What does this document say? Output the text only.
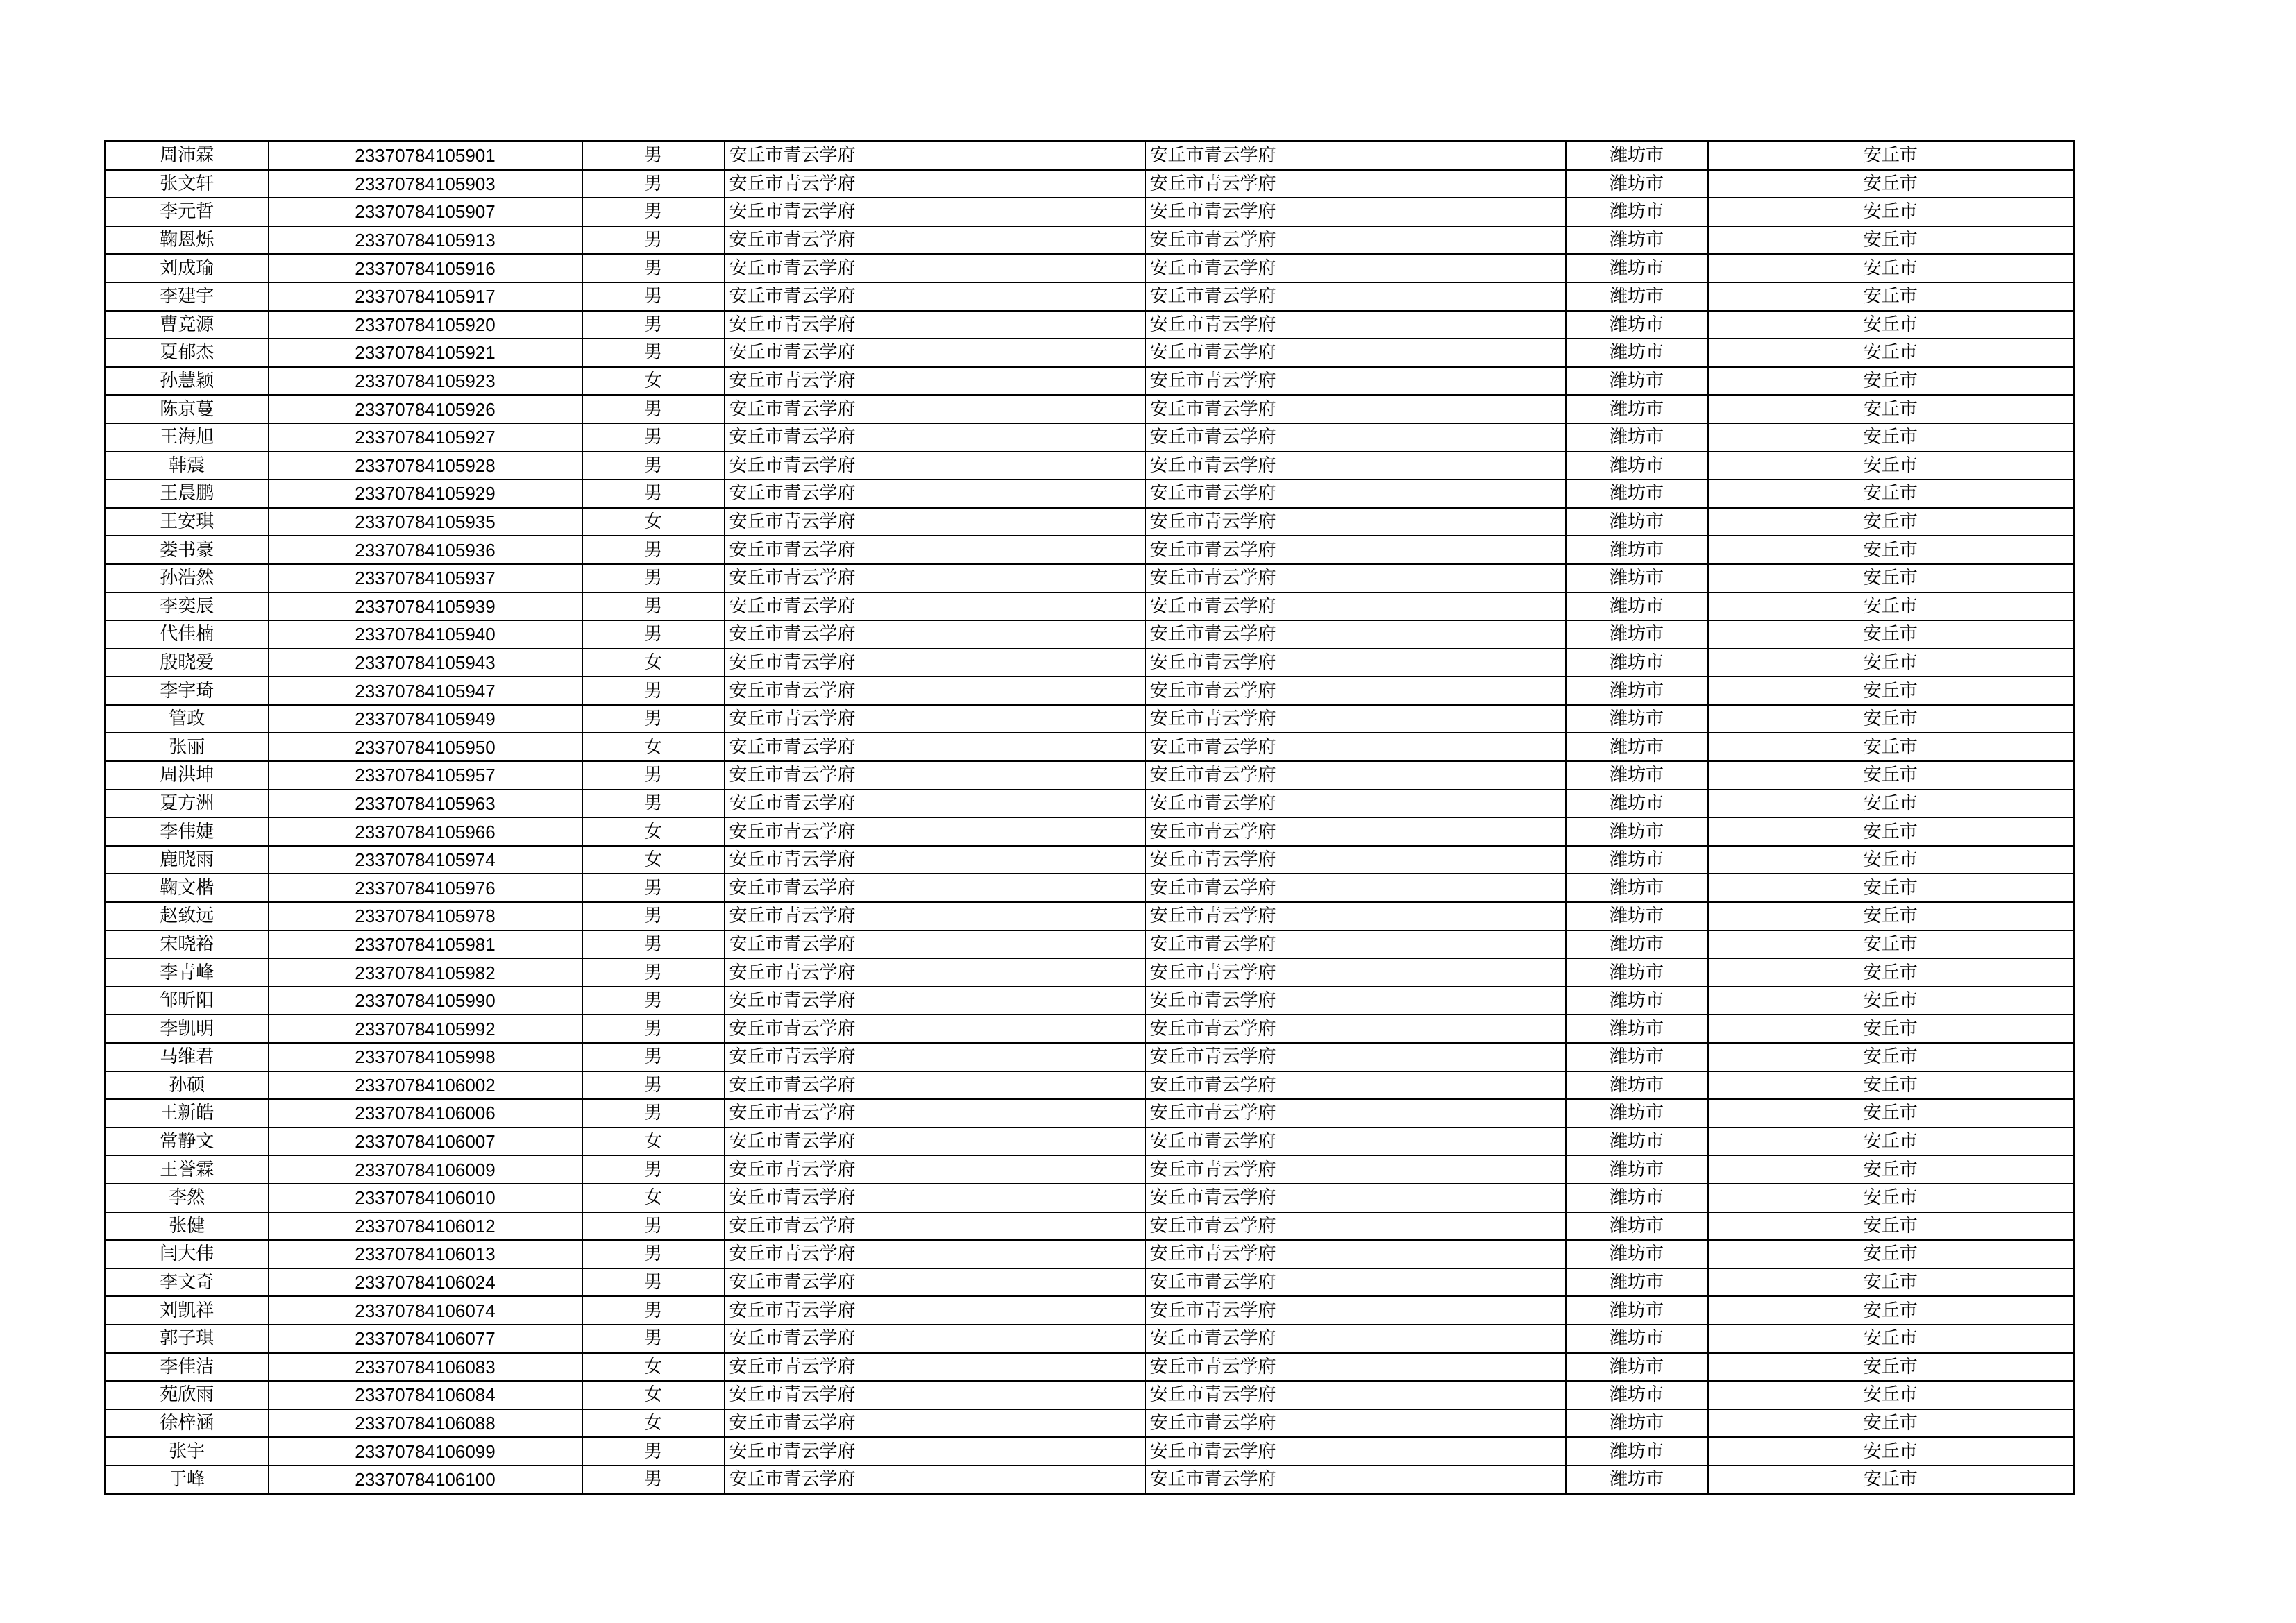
周沛霖	23370784105901	男	安丘市青云学府	安丘市青云学府	潍坊市	安丘市
张文轩	23370784105903	男	安丘市青云学府	安丘市青云学府	潍坊市	安丘市
李元哲	23370784105907	男	安丘市青云学府	安丘市青云学府	潍坊市	安丘市
鞠恩烁	23370784105913	男	安丘市青云学府	安丘市青云学府	潍坊市	安丘市
刘成瑜	23370784105916	男	安丘市青云学府	安丘市青云学府	潍坊市	安丘市
李建宇	23370784105917	男	安丘市青云学府	安丘市青云学府	潍坊市	安丘市
曹竞源	23370784105920	男	安丘市青云学府	安丘市青云学府	潍坊市	安丘市
夏郁杰	23370784105921	男	安丘市青云学府	安丘市青云学府	潍坊市	安丘市
孙慧颖	23370784105923	女	安丘市青云学府	安丘市青云学府	潍坊市	安丘市
陈京蔓	23370784105926	男	安丘市青云学府	安丘市青云学府	潍坊市	安丘市
王海旭	23370784105927	男	安丘市青云学府	安丘市青云学府	潍坊市	安丘市
韩震	23370784105928	男	安丘市青云学府	安丘市青云学府	潍坊市	安丘市
王晨鹏	23370784105929	男	安丘市青云学府	安丘市青云学府	潍坊市	安丘市
王安琪	23370784105935	女	安丘市青云学府	安丘市青云学府	潍坊市	安丘市
娄书豪	23370784105936	男	安丘市青云学府	安丘市青云学府	潍坊市	安丘市
孙浩然	23370784105937	男	安丘市青云学府	安丘市青云学府	潍坊市	安丘市
李奕辰	23370784105939	男	安丘市青云学府	安丘市青云学府	潍坊市	安丘市
代佳楠	23370784105940	男	安丘市青云学府	安丘市青云学府	潍坊市	安丘市
殷晓爱	23370784105943	女	安丘市青云学府	安丘市青云学府	潍坊市	安丘市
李宇琦	23370784105947	男	安丘市青云学府	安丘市青云学府	潍坊市	安丘市
管政	23370784105949	男	安丘市青云学府	安丘市青云学府	潍坊市	安丘市
张丽	23370784105950	女	安丘市青云学府	安丘市青云学府	潍坊市	安丘市
周洪坤	23370784105957	男	安丘市青云学府	安丘市青云学府	潍坊市	安丘市
夏方洲	23370784105963	男	安丘市青云学府	安丘市青云学府	潍坊市	安丘市
李伟婕	23370784105966	女	安丘市青云学府	安丘市青云学府	潍坊市	安丘市
鹿晓雨	23370784105974	女	安丘市青云学府	安丘市青云学府	潍坊市	安丘市
鞠文楷	23370784105976	男	安丘市青云学府	安丘市青云学府	潍坊市	安丘市
赵致远	23370784105978	男	安丘市青云学府	安丘市青云学府	潍坊市	安丘市
宋晓裕	23370784105981	男	安丘市青云学府	安丘市青云学府	潍坊市	安丘市
李青峰	23370784105982	男	安丘市青云学府	安丘市青云学府	潍坊市	安丘市
邹昕阳	23370784105990	男	安丘市青云学府	安丘市青云学府	潍坊市	安丘市
李凯明	23370784105992	男	安丘市青云学府	安丘市青云学府	潍坊市	安丘市
马维君	23370784105998	男	安丘市青云学府	安丘市青云学府	潍坊市	安丘市
孙硕	23370784106002	男	安丘市青云学府	安丘市青云学府	潍坊市	安丘市
王新皓	23370784106006	男	安丘市青云学府	安丘市青云学府	潍坊市	安丘市
常静文	23370784106007	女	安丘市青云学府	安丘市青云学府	潍坊市	安丘市
王誉霖	23370784106009	男	安丘市青云学府	安丘市青云学府	潍坊市	安丘市
李然	23370784106010	女	安丘市青云学府	安丘市青云学府	潍坊市	安丘市
张健	23370784106012	男	安丘市青云学府	安丘市青云学府	潍坊市	安丘市
闫大伟	23370784106013	男	安丘市青云学府	安丘市青云学府	潍坊市	安丘市
李文奇	23370784106024	男	安丘市青云学府	安丘市青云学府	潍坊市	安丘市
刘凯祥	23370784106074	男	安丘市青云学府	安丘市青云学府	潍坊市	安丘市
郭子琪	23370784106077	男	安丘市青云学府	安丘市青云学府	潍坊市	安丘市
李佳洁	23370784106083	女	安丘市青云学府	安丘市青云学府	潍坊市	安丘市
苑欣雨	23370784106084	女	安丘市青云学府	安丘市青云学府	潍坊市	安丘市
徐梓涵	23370784106088	女	安丘市青云学府	安丘市青云学府	潍坊市	安丘市
张宇	23370784106099	男	安丘市青云学府	安丘市青云学府	潍坊市	安丘市
于峰	23370784106100	男	安丘市青云学府	安丘市青云学府	潍坊市	安丘市
